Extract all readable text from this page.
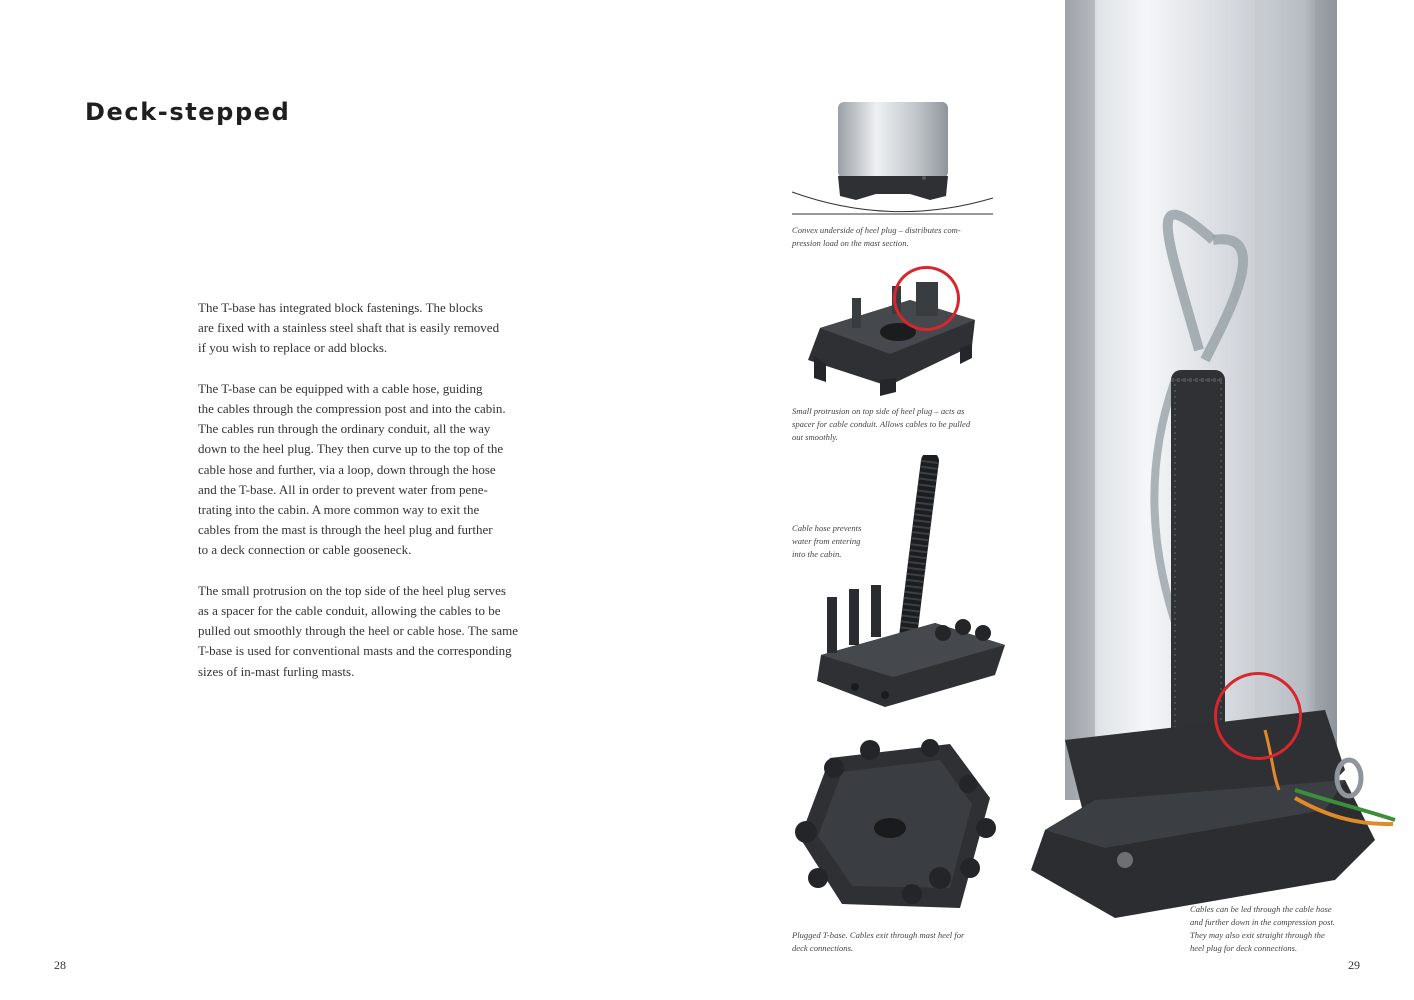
Deck-stepped

The T-base has integrated block fastenings. The blocks
are fixed with a stainless steel shaft that is easily removed
if you wish to replace or add blocks.

The T-base can be equipped with a cable hose, guiding
the cables through the compression post and into the cabin.
The cables run through the ordinary conduit, all the way
down to the heel plug. They then curve up to the top of the
cable hose and further, via a loop, down through the hose
and the T-base. All in order to prevent water from pene-
trating into the cabin. A more common way to exit the
cables from the mast is through the heel plug and further
to a deck connection or cable gooseneck.

The small protrusion on the top side of the heel plug serves
as a spacer for the cable conduit, allowing the cables to be
pulled out smoothly through the heel or cable hose. The same
T-base is used for conventional masts and the corresponding
sizes of in-mast furling masts.

28
Convex underside of heel plug – distributes com-
pression load on the mast section.
Small protrusion on top side of heel plug – acts as
spacer for cable conduit. Allows cables to be pulled
out smoothly.
Cable hose prevents
water from entering
into the cabin.
Plugged T-base. Cables exit through mast heel for
deck connections.
Cables can be led through the cable hose
and further down in the compression post.
They may also exit straight through the
heel plug for deck connections.
29
